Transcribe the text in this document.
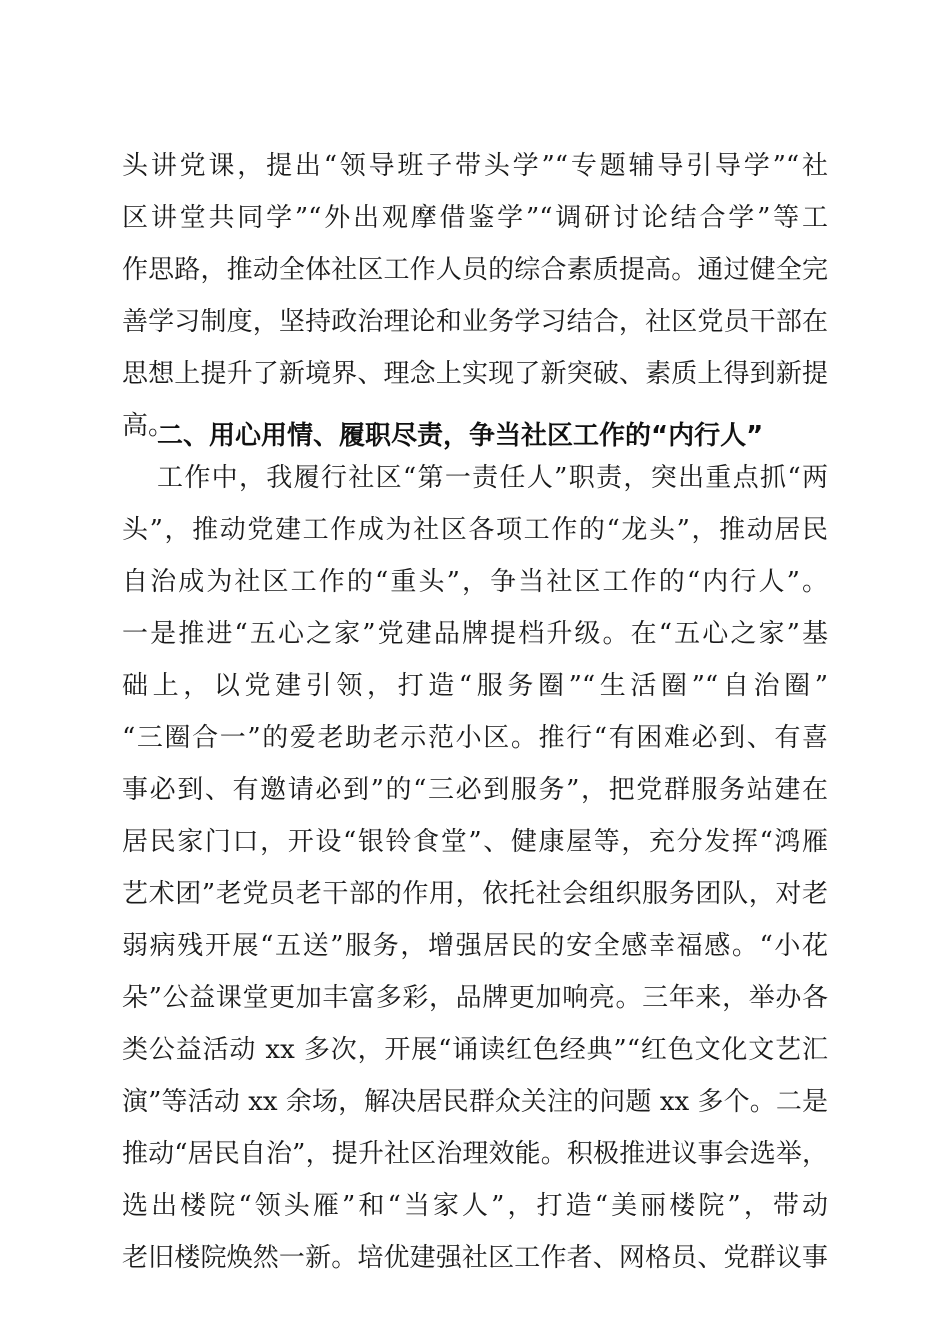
头讲党课，提出“领导班子带头学”“专题辅导引导学”“社

区讲堂共同学”“外出观摩借鉴学”“调研讨论结合学”等工

作思路，推动全体社区工作人员的综合素质提高。通过健全完

善学习制度，坚持政治理论和业务学习结合，社区党员干部在

思想上提升了新境界、理念上实现了新突破、素质上得到新提

高。

二、用心用情、履职尽责，争当社区工作的“内行人”

工作中，我履行社区“第一责任人”职责，突出重点抓“两

头”，推动党建工作成为社区各项工作的“龙头”，推动居民

自治成为社区工作的“重头”，争当社区工作的“内行人”。

一是推进“五心之家”党建品牌提档升级。在“五心之家”基

础上，以党建引领，打造“服务圈”“生活圈”“自治圈”

“三圈合一”的爱老助老示范小区。推行“有困难必到、有喜

事必到、有邀请必到”的“三必到服务”，把党群服务站建在

居民家门口，开设“银铃食堂”、健康屋等，充分发挥“鸿雁

艺术团”老党员老干部的作用，依托社会组织服务团队，对老

弱病残开展“五送”服务，增强居民的安全感幸福感。“小花

朵”公益课堂更加丰富多彩，品牌更加响亮。三年来，举办各

类公益活动 xx 多次，开展“诵读红色经典”“红色文化文艺汇

演”等活动 xx 余场，解决居民群众关注的问题 xx 多个。二是

推动“居民自治”，提升社区治理效能。积极推进议事会选举，

选出楼院“领头雁”和“当家人”，打造“美丽楼院”，带动

老旧楼院焕然一新。培优建强社区工作者、网格员、党群议事
